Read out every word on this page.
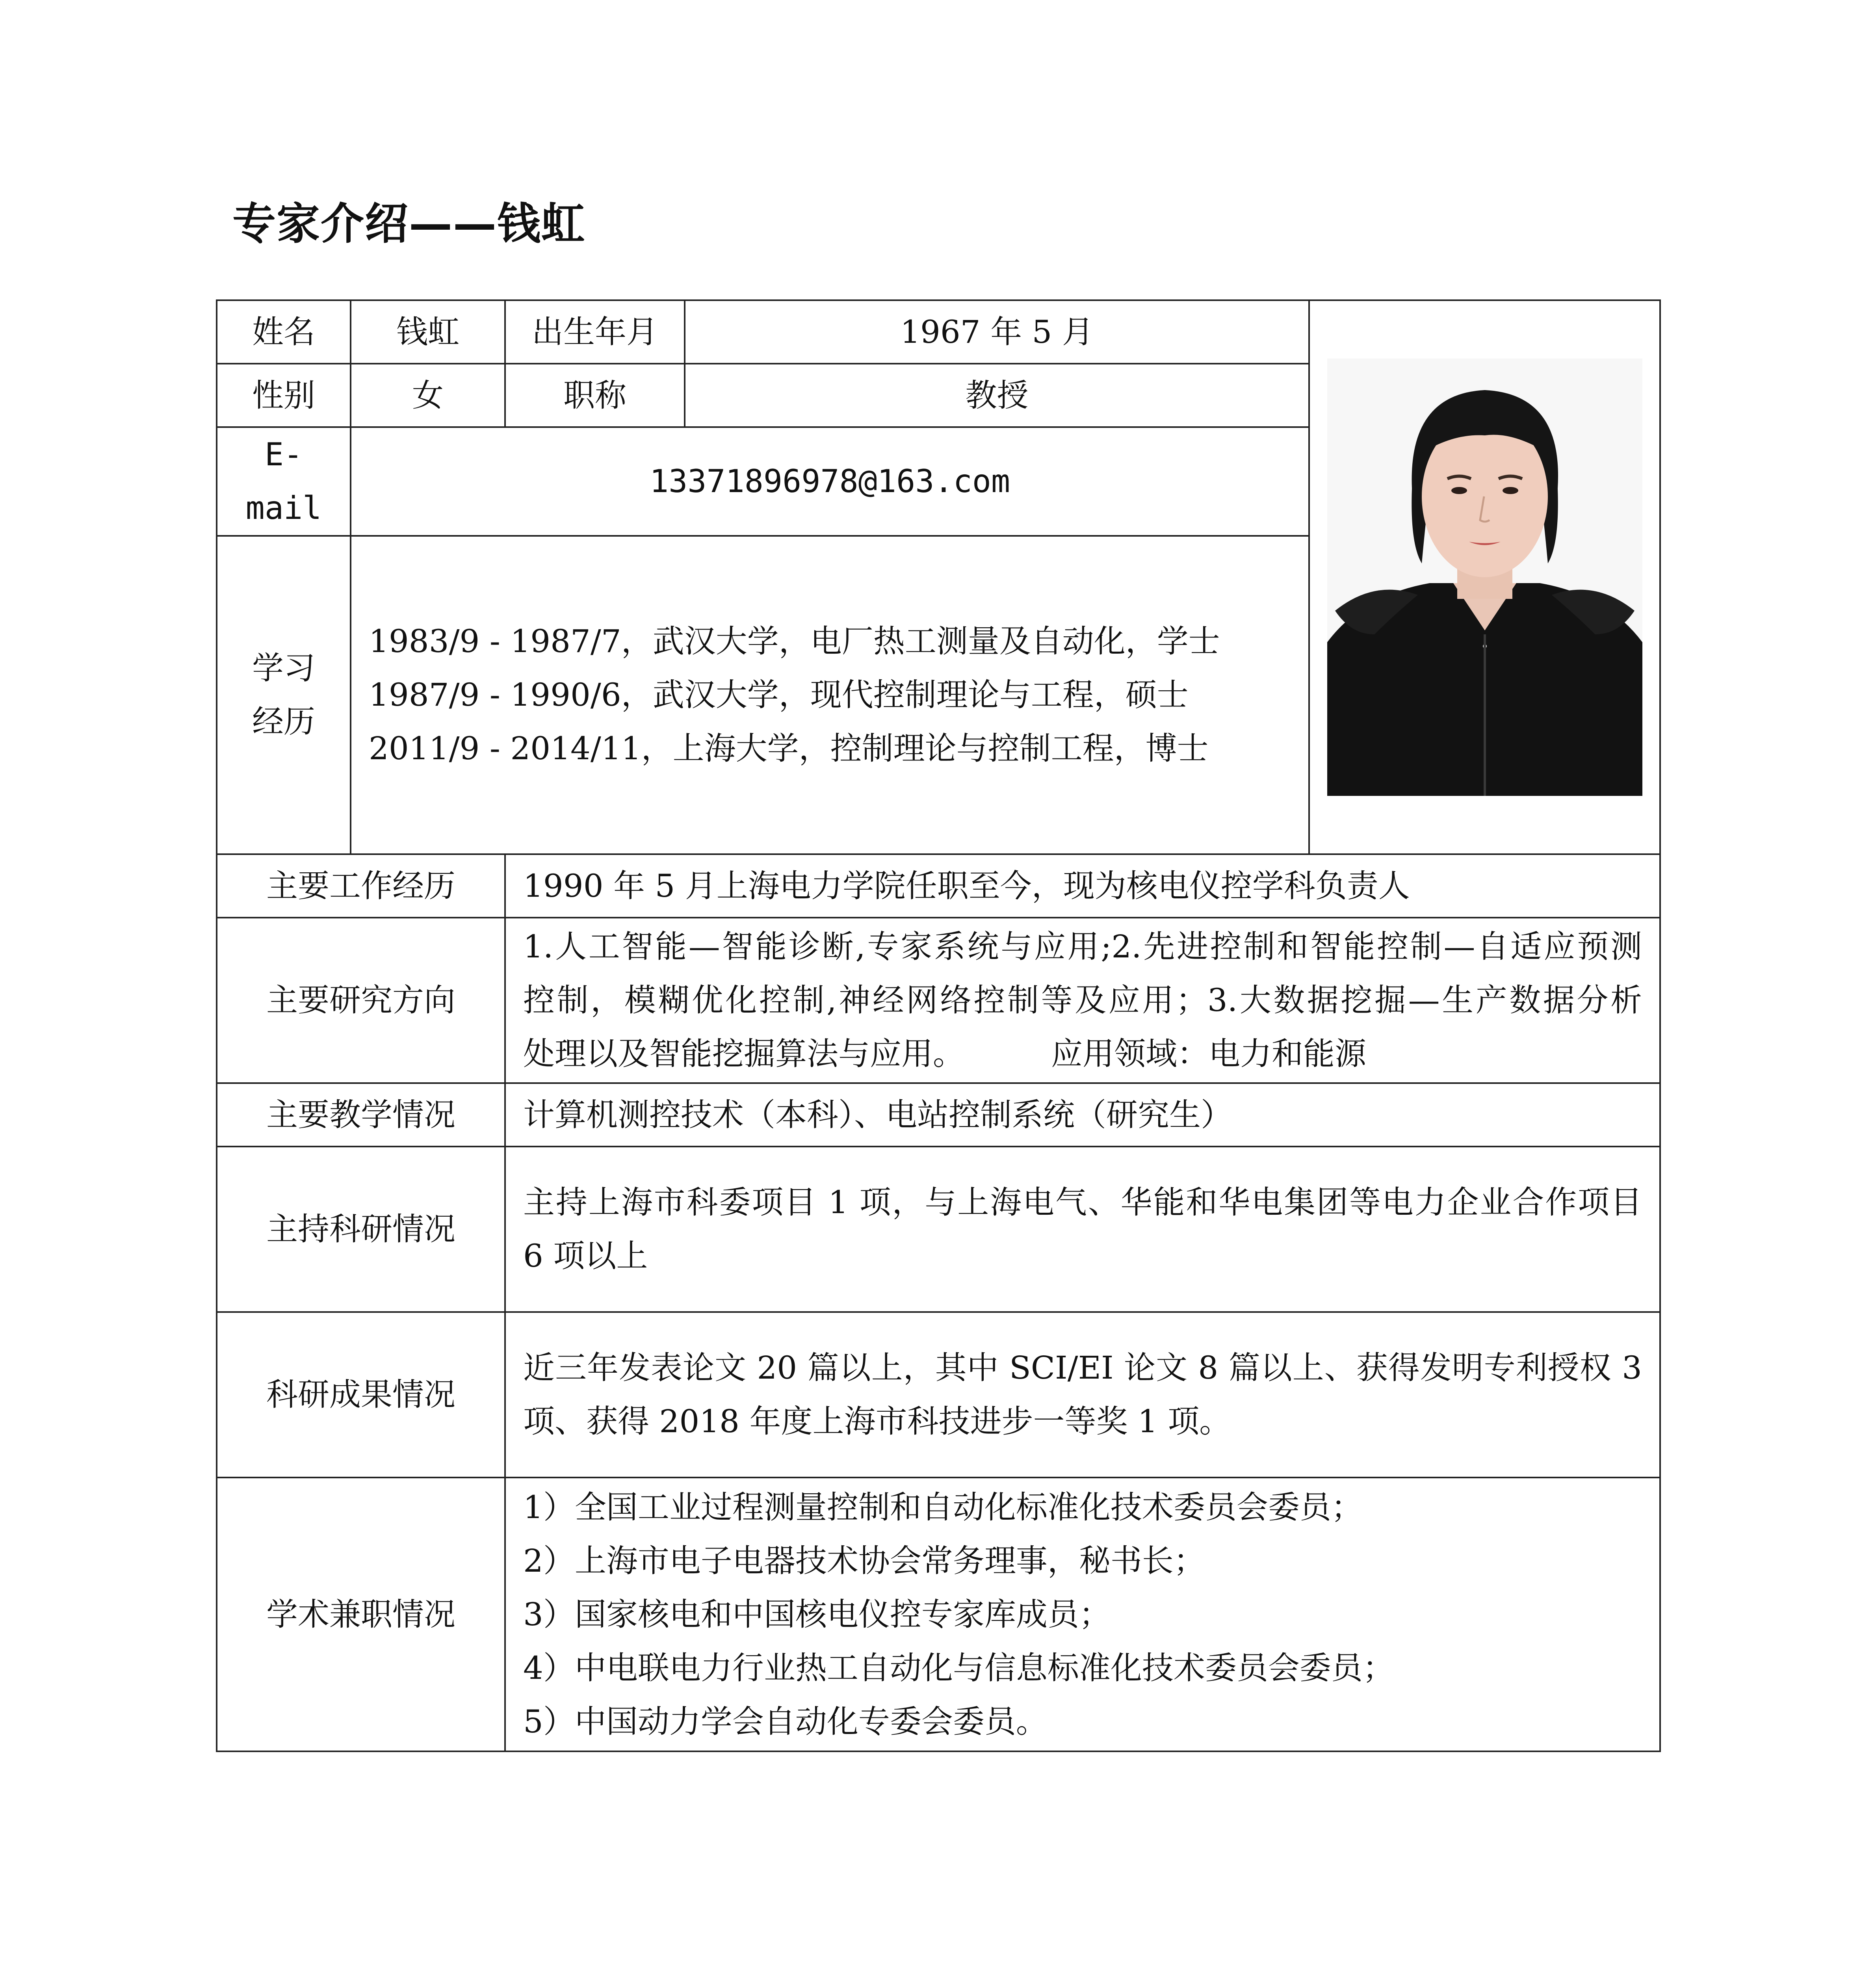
专家介绍——钱虹
姓名	钱虹	出生年月	1967 年 5 月	

性别	女	职称	教授	
E-mail	13371896978@163.com			

学习
经历	1983/9 - 1987/7，武汉大学，电厂热工测量及自动化，学士
1987/9 - 1990/6，武汉大学，现代控制理论与工程，硕士
2011/9 - 2014/11，上海大学，控制理论与控制工程，博士			

主要工作经历		1990 年 5 月上海电力学院任职至今，现为核电仪控学科负责人		
主要研究方向		1.人工智能—智能诊断,专家系统与应用;2.先进控制和智能控制—自适应预测
控制，模糊优化控制,神经网络控制等及应用；3.大数据挖掘—生产数据分析
处理以及智能挖掘算法与应用。 应用领域：电力和能源		

主要教学情况		计算机测控技术（本科）、电站控制系统（研究生）		
主持科研情况		主持上海市科委项目 1 项，与上海电气、华能和华电集团等电力企业合作项目
6 项以上		

科研成果情况		近三年发表论文 20 篇以上，其中 SCI/EI 论文 8 篇以上、获得发明专利授权 3
项、获得 2018 年度上海市科技进步一等奖 1 项。		

学术兼职情况		1）全国工业过程测量控制和自动化标准化技术委员会委员；
2）上海市电子电器技术协会常务理事，秘书长；
3）国家核电和中国核电仪控专家库成员；
4）中电联电力行业热工自动化与信息标准化技术委员会委员；
5）中国动力学会自动化专委会委员。		
